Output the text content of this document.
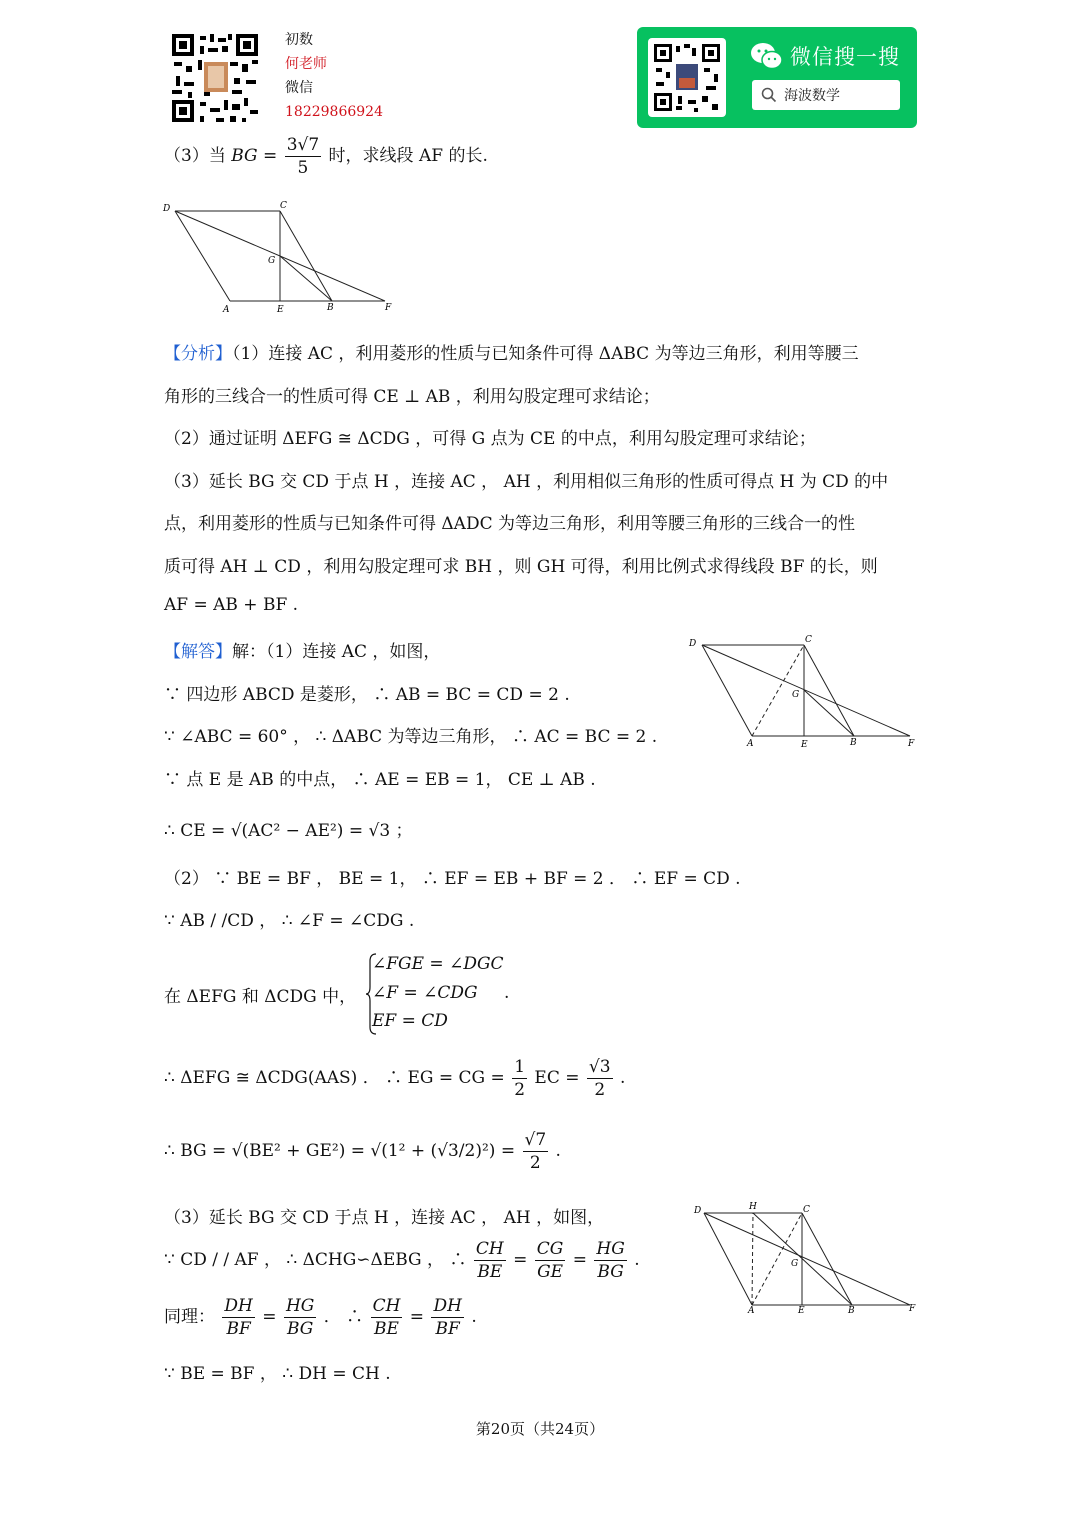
初数
何老师
微信
18229866924
微信搜一搜
海波数学
（3）当 BG = $\frac{3√7}{5}$ 时，求线段 AF 的长.
D	C
G
A	E	B	F
【分析】（1）连接 AC ，利用菱形的性质与已知条件可得 ΔABC 为等边三角形，利用等腰三
角形的三线合一的性质可得 CE ⊥ AB ，利用勾股定理可求结论；
（2）通过证明 ΔEFG ≅ ΔCDG ，可得 G 点为 CE 的中点，利用勾股定理可求结论；
（3）延长 BG 交 CD 于点 H ，连接 AC ， AH ，利用相似三角形的性质可得点 H 为 CD 的中
点，利用菱形的性质与已知条件可得 ΔADC 为等边三角形，利用等腰三角形的三线合一的性
质可得 AH ⊥ CD ，利用勾股定理可求 BH ，则 GH 可得，利用比例式求得线段 BF 的长，则
AF = AB + BF .
【解答】解：（1）连接 AC ，如图，
∵ 四边形 ABCD 是菱形， ∴ AB = BC = CD = 2 .
∵ ∠ABC = 60° ， ∴ ΔABC 为等边三角形， ∴ AC = BC = 2 .
∵ 点 E 是 AB 的中点， ∴ AE = EB = 1， CE ⊥ AB .
∴ CE = √(AC² − AE²) = √3 ；
D	C
G
A	E	B	F
（2） ∵ BE = BF ， BE = 1， ∴ EF = EB + BF = 2 ． ∴ EF = CD .
∵ AB / /CD ， ∴ ∠F = ∠CDG .
在 ΔEFG 和 ΔCDG 中，
∠FGE = ∠DGC
∠F = ∠CDG .
EF = CD
∴ ΔEFG ≅ ΔCDG(AAS) ． ∴ EG = CG = $\frac{1}{2}$ EC = $\frac{√3}{2}$ .
∴ BG = $√(BE^2 + GE^2) = √(1^2 + (√3/2)^2) = \frac{√7}{2}$ .
（3）延长 BG 交 CD 于点 H ，连接 AC ， AH ，如图，
∵ CD / / AF ， ∴ ΔCHG∽ΔEBG ， ∴ $\frac{CH}{BE} = \frac{CG}{GE} = \frac{HG}{BG}$ .
同理： $\frac{DH}{BF} = \frac{HG}{BG}$ ． ∴ $\frac{CH}{BE} = \frac{DH}{BF}$ .
∵ BE = BF ， ∴ DH = CH .
D	H	C
G
A	E	B	F
第20页（共24页）
